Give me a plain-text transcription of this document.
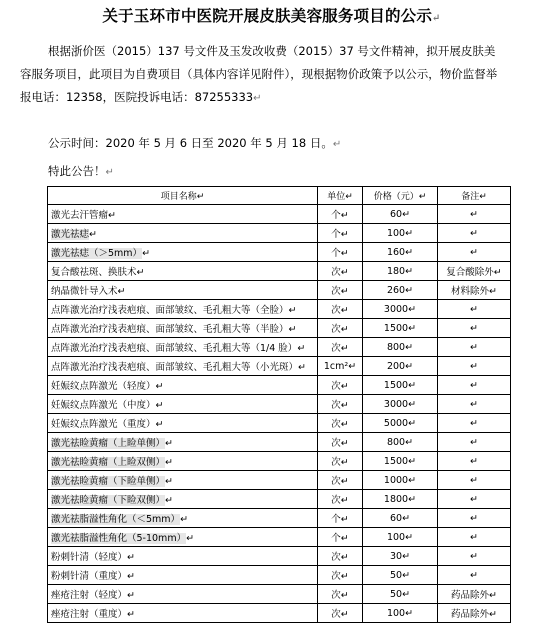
关于玉环市中医院开展皮肤美容服务项目的公示↵
根据浙价医（2015）137 号文件及玉发改收费（2015）37 号文件精神，拟开展皮肤美容服务项目，此项目为自费项目（具体内容详见附件），现根据物价政策予以公示，物价监督举报电话：12358，医院投诉电话：87255333↵
公示时间：2020 年 5 月 6 日至 2020 年 5 月 18 日。↵
特此公告！↵
项目名称↵	单位↵	价格（元）↵	备注↵
激光去汗管瘤↵	个↵	60↵	↵
激光祛痣↵	个↵	100↵	↵
激光祛痣（＞5mm）↵	个↵	160↵	↵
复合酸祛斑、换肤术↵	次↵	180↵	复合酸除外↵
纳晶微针导入术↵	次↵	260↵	材料除外↵
点阵激光治疗浅表疤痕、面部皱纹、毛孔粗大等（全脸）↵	次↵	3000↵	↵
点阵激光治疗浅表疤痕、面部皱纹、毛孔粗大等（半脸）↵	次↵	1500↵	↵
点阵激光治疗浅表疤痕、面部皱纹、毛孔粗大等（1/4 脸）↵	次↵	800↵	↵
点阵激光治疗浅表疤痕、面部皱纹、毛孔粗大等（小光斑）↵	1cm²↵	200↵	↵
妊娠纹点阵激光（轻度）↵	次↵	1500↵	↵
妊娠纹点阵激光（中度）↵	次↵	3000↵	↵
妊娠纹点阵激光（重度）↵	次↵	5000↵	↵
激光祛睑黄瘤（上睑单侧）↵	次↵	800↵	↵
激光祛睑黄瘤（上睑双侧）↵	次↵	1500↵	↵
激光祛睑黄瘤（下睑单侧）↵	次↵	1000↵	↵
激光祛睑黄瘤（下睑双侧）↵	次↵	1800↵	↵
激光祛脂溢性角化（＜5mm）↵	个↵	60↵	↵
激光祛脂溢性角化（5-10mm）↵	个↵	100↵	↵
粉刺针清（轻度）↵	次↵	30↵	↵
粉刺针清（重度）↵	次↵	50↵	↵
痤疮注射（轻度）↵	次↵	50↵	药品除外↵
痤疮注射（重度）↵	次↵	100↵	药品除外↵
